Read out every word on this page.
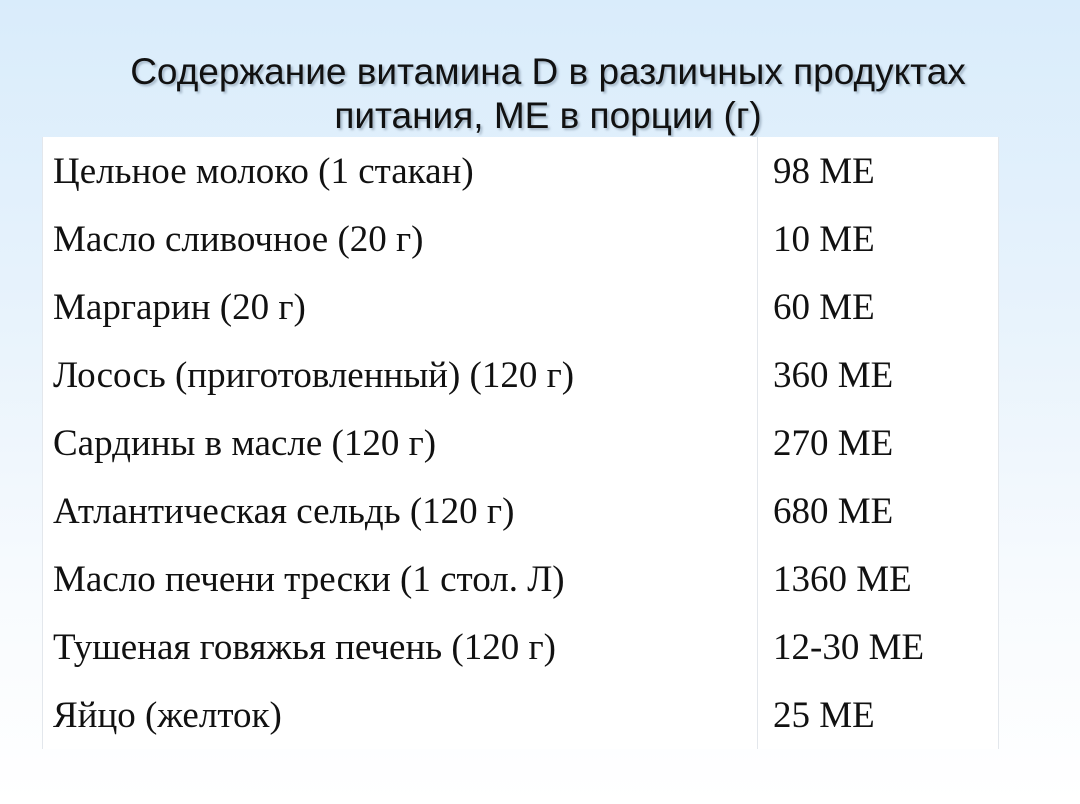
Содержание витамина D в различных продуктах
питания, МЕ в порции (г)
Цельное молоко (1 стакан)	98 МЕ
Масло сливочное (20 г)	10 МЕ
Маргарин (20 г)	60 МЕ
Лосось (приготовленный) (120 г)	360 МЕ
Сардины в масле (120 г)	270 МЕ
Атлантическая сельдь (120 г)	680 МЕ
Масло печени трески (1 стол. Л)	1360 МЕ
Тушеная говяжья печень (120 г)	12-30 МЕ
Яйцо (желток)	25 МЕ
